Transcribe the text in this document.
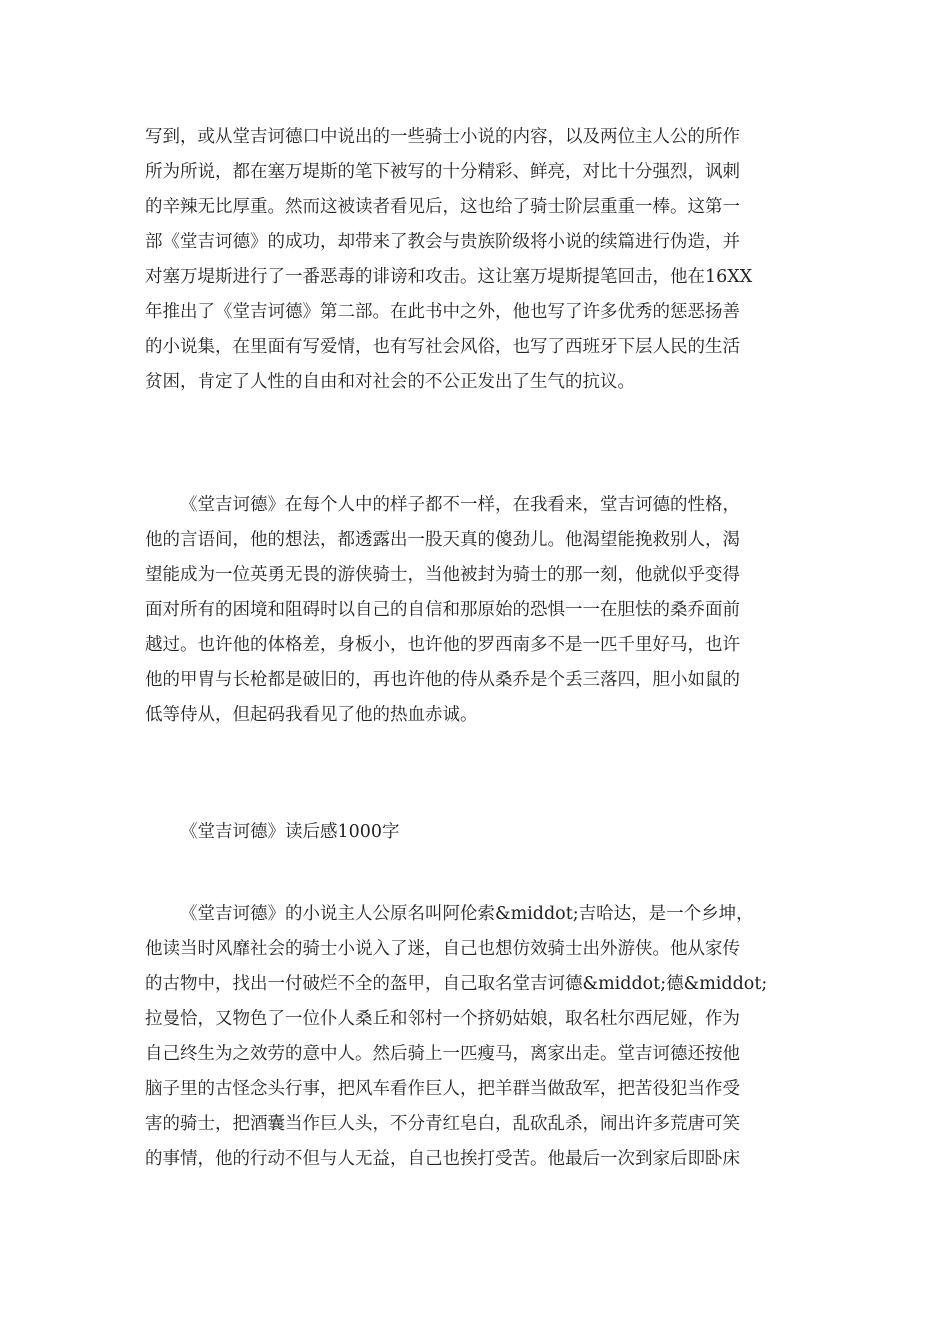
写到，或从堂吉诃德口中说出的一些骑士小说的内容，以及两位主人公的所作
所为所说，都在塞万堤斯的笔下被写的十分精彩、鲜亮，对比十分强烈，讽刺
的辛辣无比厚重。然而这被读者看见后，这也给了骑士阶层重重一棒。这第一
部《堂吉诃德》的成功，却带来了教会与贵族阶级将小说的续篇进行伪造，并
对塞万堤斯进行了一番恶毒的诽谤和攻击。这让塞万堤斯提笔回击，他在16XX
年推出了《堂吉诃德》第二部。在此书中之外，他也写了许多优秀的惩恶扬善
的小说集，在里面有写爱情，也有写社会风俗，也写了西班牙下层人民的生活
贫困，肯定了人性的自由和对社会的不公正发出了生气的抗议。
《堂吉诃德》在每个人中的样子都不一样，在我看来，堂吉诃德的性格，
他的言语间，他的想法，都透露出一股天真的傻劲儿。他渴望能挽救别人，渴
望能成为一位英勇无畏的游侠骑士，当他被封为骑士的那一刻，他就似乎变得
面对所有的困境和阻碍时以自己的自信和那原始的恐惧一一在胆怯的桑乔面前
越过。也许他的体格差，身板小，也许他的罗西南多不是一匹千里好马，也许
他的甲胄与长枪都是破旧的，再也许他的侍从桑乔是个丢三落四，胆小如鼠的
低等侍从，但起码我看见了他的热血赤诚。
《堂吉诃德》读后感1000字
《堂吉诃德》的小说主人公原名叫阿伦索&middot;吉哈达，是一个乡坤，
他读当时风靡社会的骑士小说入了迷，自己也想仿效骑士出外游侠。他从家传
的古物中，找出一付破烂不全的盔甲，自己取名堂吉诃德&middot;德&middot;
拉曼恰，又物色了一位仆人桑丘和邻村一个挤奶姑娘，取名杜尔西尼娅，作为
自己终生为之效劳的意中人。然后骑上一匹瘦马，离家出走。堂吉诃德还按他
脑子里的古怪念头行事，把风车看作巨人，把羊群当做敌军，把苦役犯当作受
害的骑士，把酒囊当作巨人头，不分青红皂白，乱砍乱杀，闹出许多荒唐可笑
的事情，他的行动不但与人无益，自己也挨打受苦。他最后一次到家后即卧床
